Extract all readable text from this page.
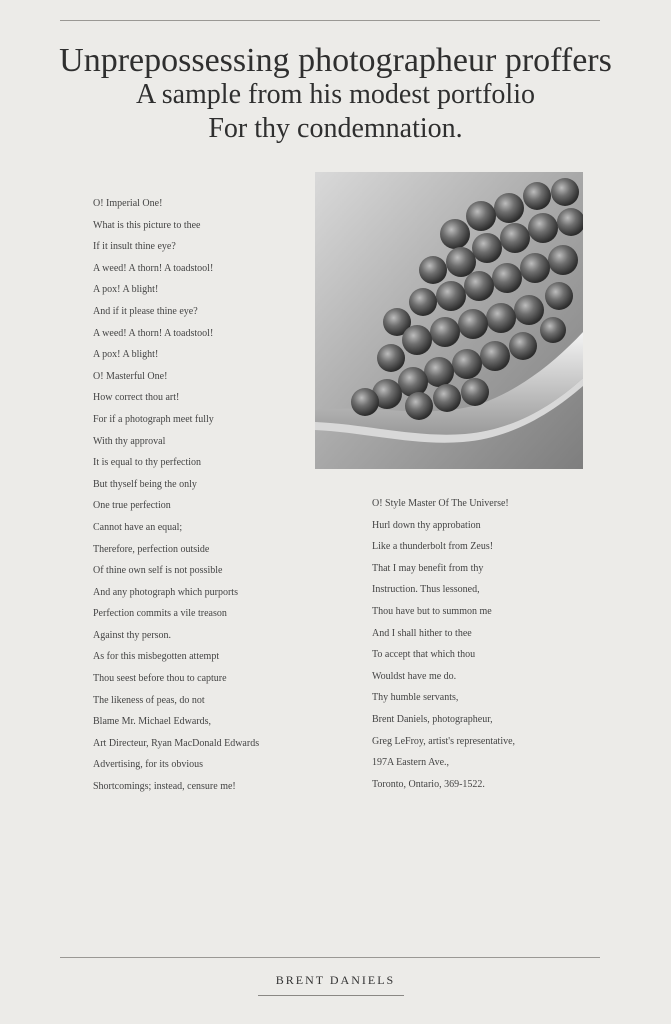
Unprepossessing photographeur proffers
A sample from his modest portfolio
For thy condemnation.
O! Imperial One!
What is this picture to thee
If it insult thine eye?
A weed! A thorn! A toadstool!
A pox! A blight!
And if it please thine eye?
A weed! A thorn! A toadstool!
A pox! A blight!
O! Masterful One!
How correct thou art!
For if a photograph meet fully
With thy approval
It is equal to thy perfection
But thyself being the only
One true perfection
Cannot have an equal;
Therefore, perfection outside
Of thine own self is not possible
And any photograph which purports
Perfection commits a vile treason
Against thy person.
As for this misbegotten attempt
Thou seest before thou to capture
The likeness of peas, do not
Blame Mr. Michael Edwards,
Art Directeur, Ryan MacDonald Edwards
Advertising, for its obvious
Shortcomings; instead, censure me!
O! Style Master Of The Universe!
Hurl down thy approbation
Like a thunderbolt from Zeus!
That I may benefit from thy
Instruction. Thus lessoned,
Thou have but to summon me
And I shall hither to thee
To accept that which thou
Wouldst have me do.
Thy humble servants,
Brent Daniels, photographeur,
Greg LeFroy, artist's representative,
197A Eastern Ave.,
Toronto, Ontario, 369-1522.
BRENT DANIELS
